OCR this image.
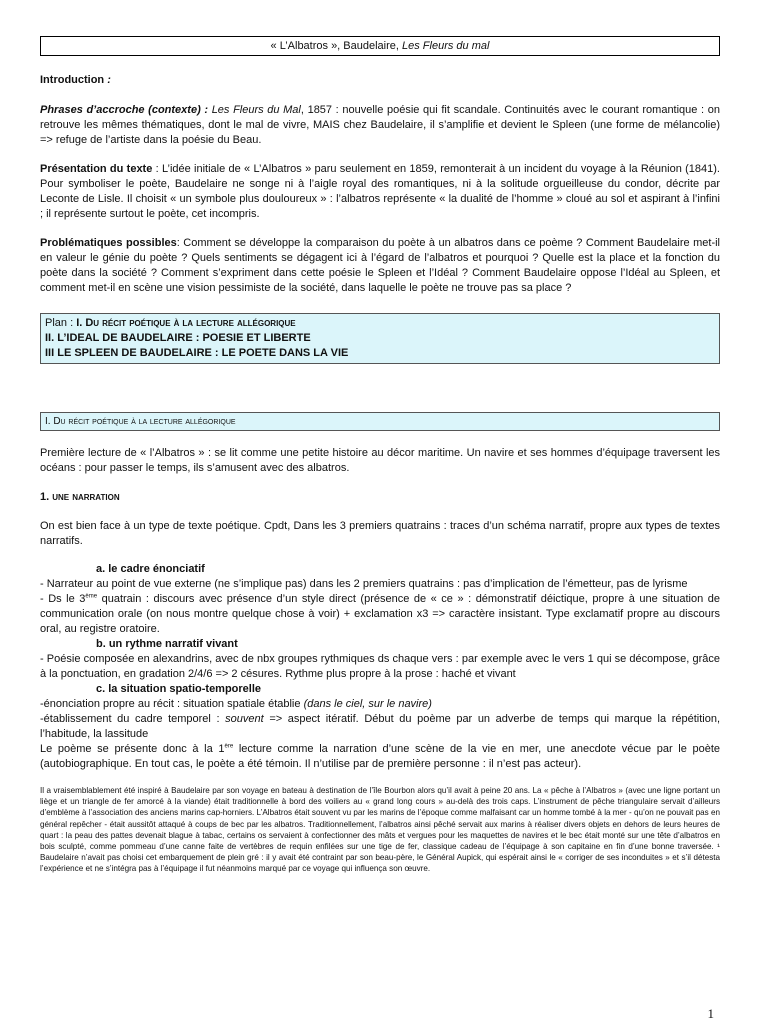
« L’Albatros », Baudelaire, Les Fleurs du mal

Introduction :

Phrases d’accroche (contexte) : Les Fleurs du Mal, 1857 : nouvelle poésie qui fit scandale. Continuités avec le courant romantique : on retrouve les mêmes thématiques, dont le mal de vivre, MAIS chez Baudelaire, il s’amplifie et devient le Spleen (une forme de mélancolie) => refuge de l’artiste dans la poésie du Beau.

Présentation du texte : L’idée initiale de « L’Albatros » paru seulement en 1859, remonterait à un incident du voyage à la Réunion (1841). Pour symboliser le poète, Baudelaire ne songe ni à l’aigle royal des romantiques, ni à la solitude orgueilleuse du condor, décrite par Leconte de Lisle. Il choisit « un symbole plus douloureux » : l’albatros représente « la dualité de l’homme » cloué au sol et aspirant à l’infini ; il représente surtout le poète, cet incompris.

Problématiques possibles: Comment se développe la comparaison du poète à un albatros dans ce poème ? Comment Baudelaire met-il en valeur le génie du poète ? Quels sentiments se dégagent ici à l’égard de l’albatros et pourquoi ? Quelle est la place et la fonction du poète dans la société ? Comment s’expriment dans cette poésie le Spleen et l’Idéal ? Comment Baudelaire oppose l’Idéal au Spleen, et comment met-il en scène une vision pessimiste de la société, dans laquelle le poète ne trouve pas sa place ?

Plan : I. Du récit poétique à la lecture allégorique
II. L’IDEAL DE BAUDELAIRE : POESIE ET LIBERTE
III LE SPLEEN DE BAUDELAIRE : LE POETE DANS LA VIE
I. Du récit poétique à la lecture allégorique

Première lecture de « l’Albatros » : se lit comme une petite histoire au décor maritime. Un navire et ses hommes d’équipage traversent les océans : pour passer le temps, ils s’amusent avec des albatros.

1. une narration

On est bien face à un type de texte poétique. Cpdt, Dans les 3 premiers quatrains : traces d’un schéma narratif, propre aux types de textes narratifs.

a. le cadre énonciatif

- Narrateur au point de vue externe (ne s’implique pas) dans les 2 premiers quatrains : pas d’implication de l’émetteur, pas de lyrisme

- Ds le 3ème quatrain : discours avec présence d’un style direct (présence de « ce » : démonstratif déictique, propre à une situation de communication orale (on nous montre quelque chose à voir) + exclamation x3 => caractère insistant. Type exclamatif propre au discours oral, au registre oratoire.

b. un rythme narratif vivant

- Poésie composée en alexandrins, avec de nbx groupes rythmiques ds chaque vers : par exemple avec le vers 1 qui se décompose, grâce à la ponctuation, en gradation 2/4/6 => 2 césures. Rythme plus propre à la prose : haché et vivant

c. la situation spatio-temporelle

-énonciation propre au récit : situation spatiale établie (dans le ciel, sur le navire)

-établissement du cadre temporel : souvent => aspect itératif. Début du poème par un adverbe de temps qui marque la répétition, l’habitude, la lassitude

Le poème se présente donc à la 1ère lecture comme la narration d’une scène de la vie en mer, une anecdote vécue par le poète (autobiographique. En tout cas, le poète a été témoin. Il n’utilise par de première personne : il n’est pas acteur).

Il a vraisemblablement été inspiré à Baudelaire par son voyage en bateau à destination de l’île Bourbon alors qu’il avait à peine 20 ans. La « pêche à l’Albatros » (avec une ligne portant un liège et un triangle de fer amorcé à la viande) était traditionnelle à bord des voiliers au « grand long cours » au-delà des trois caps. L’instrument de pêche triangulaire servait d’ailleurs d’emblème à l’association des anciens marins cap-horniers. L’Albatros était souvent vu par les marins de l’époque comme malfaisant car un homme tombé à la mer - qu’on ne pouvait pas en général repêcher - était aussitôt attaqué à coups de bec par les albatros. Traditionnellement, l’albatros ainsi pêché servait aux marins à réaliser divers objets en dehors de leurs heures de quart : la peau des pattes devenait blague à tabac, certains os servaient à confectionner des mâts et vergues pour les maquettes de navires et le bec était monté sur une tête d’albatros en bois sculpté, comme pommeau d’une canne faite de vertèbres de requin enfilées sur une tige de fer, classique cadeau de l’équipage à son capitaine en fin d’une bonne traversée. ¹ Baudelaire n’avait pas choisi cet embarquement de plein gré : il y avait été contraint par son beau-père, le Général Aupick, qui espérait ainsi le « corriger de ses inconduites » et s’il détesta l’expérience et ne s’intégra pas à l’équipage il fut néanmoins marqué par ce voyage qui influença son œuvre.

1
